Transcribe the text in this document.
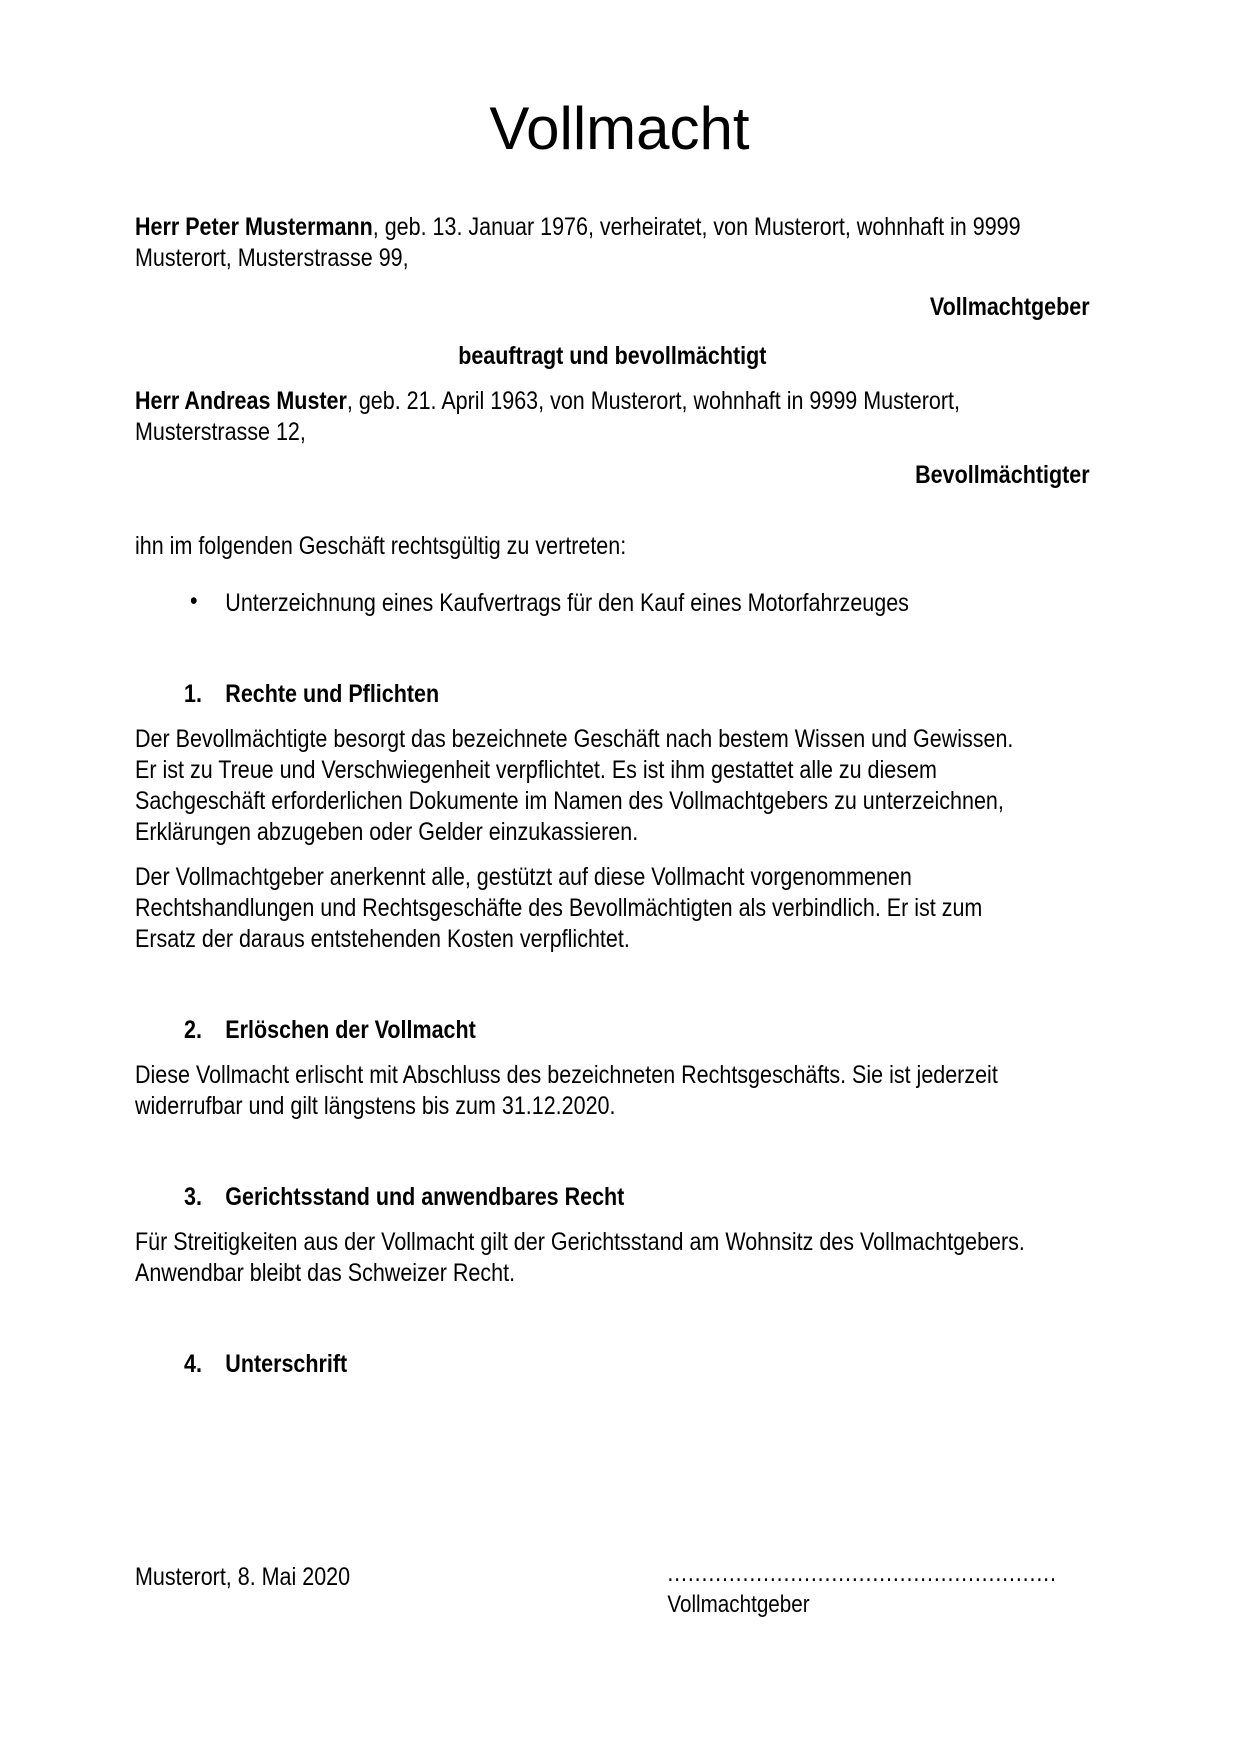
Vollmacht

Herr Peter Mustermann, geb. 13. Januar 1976, verheiratet, von Musterort, wohnhaft in 9999
Musterort, Musterstrasse 99,

Vollmachtgeber
beauftragt und bevollmächtigt

Herr Andreas Muster, geb. 21. April 1963, von Musterort, wohnhaft in 9999 Musterort,
Musterstrasse 12,

Bevollmächtigter
ihn im folgenden Geschäft rechtsgültig zu vertreten:
• Unterzeichnung eines Kaufvertrags für den Kauf eines Motorfahrzeuges
1. Rechte und Pflichten
Der Bevollmächtigte besorgt das bezeichnete Geschäft nach bestem Wissen und Gewissen.
Er ist zu Treue und Verschwiegenheit verpflichtet. Es ist ihm gestattet alle zu diesem
Sachgeschäft erforderlichen Dokumente im Namen des Vollmachtgebers zu unterzeichnen,
Erklärungen abzugeben oder Gelder einzukassieren.
Der Vollmachtgeber anerkennt alle, gestützt auf diese Vollmacht vorgenommenen
Rechtshandlungen und Rechtsgeschäfte des Bevollmächtigten als verbindlich. Er ist zum
Ersatz der daraus entstehenden Kosten verpflichtet.
2. Erlöschen der Vollmacht
Diese Vollmacht erlischt mit Abschluss des bezeichneten Rechtsgeschäfts. Sie ist jederzeit
widerrufbar und gilt längstens bis zum 31.12.2020.
3. Gerichtsstand und anwendbares Recht
Für Streitigkeiten aus der Vollmacht gilt der Gerichtsstand am Wohnsitz des Vollmachtgebers.
Anwendbar bleibt das Schweizer Recht.
4. Unterschrift
Musterort, 8. Mai 2020	.........................................................
Vollmachtgeber
